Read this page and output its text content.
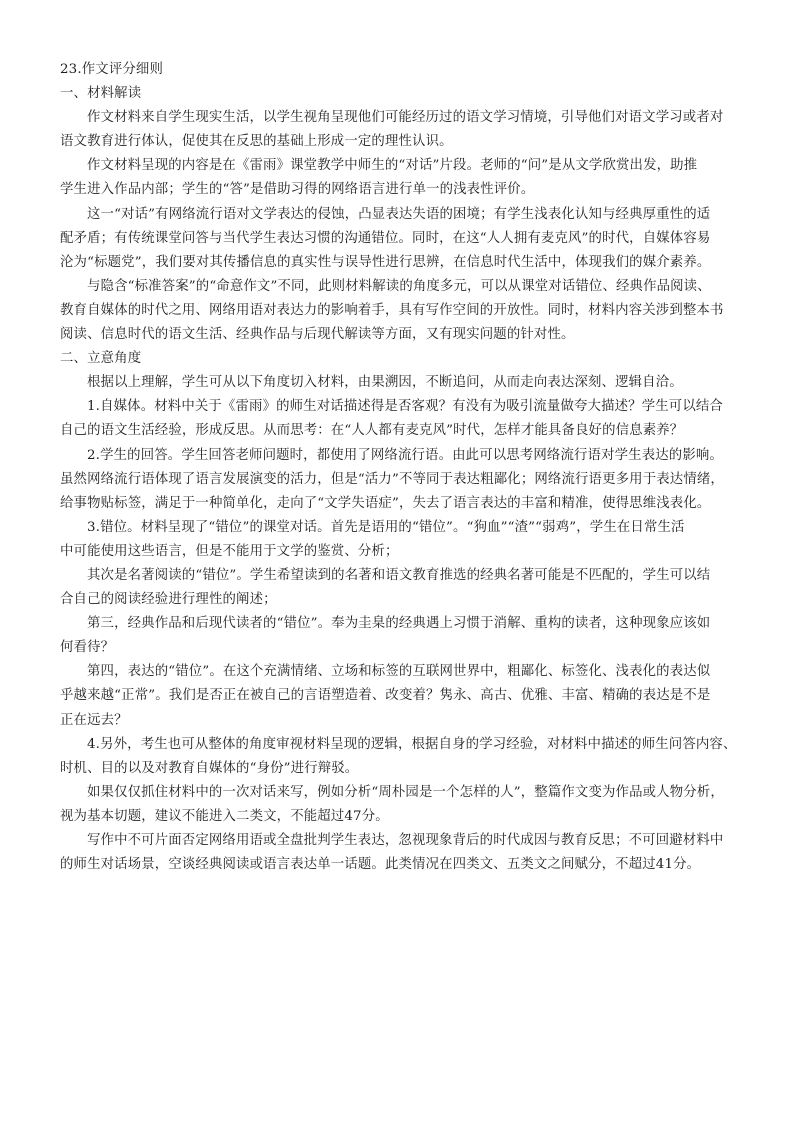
23.作文评分细则

一、材料解读

作文材料来自学生现实生活，以学生视角呈现他们可能经历过的语文学习情境，引导他们对语文学习或者对

语文教育进行体认，促使其在反思的基础上形成一定的理性认识。

作文材料呈现的内容是在《雷雨》课堂教学中师生的“对话”片段。老师的“问”是从文学欣赏出发，助推

学生进入作品内部；学生的“答”是借助习得的网络语言进行单一的浅表性评价。

这一“对话”有网络流行语对文学表达的侵蚀，凸显表达失语的困境；有学生浅表化认知与经典厚重性的适

配矛盾；有传统课堂问答与当代学生表达习惯的沟通错位。同时，在这“人人拥有麦克风”的时代，自媒体容易

沦为“标题党”，我们要对其传播信息的真实性与误导性进行思辨，在信息时代生活中，体现我们的媒介素养。

与隐含“标准答案”的“命意作文”不同，此则材料解读的角度多元，可以从课堂对话错位、经典作品阅读、

教育自媒体的时代之用、网络用语对表达力的影响着手，具有写作空间的开放性。同时，材料内容关涉到整本书

阅读、信息时代的语文生活、经典作品与后现代解读等方面，又有现实问题的针对性。

二、立意角度

根据以上理解，学生可从以下角度切入材料，由果溯因，不断追问，从而走向表达深刻、逻辑自洽。

1.自媒体。材料中关于《雷雨》的师生对话描述得是否客观？有没有为吸引流量做夸大描述？学生可以结合

自己的语文生活经验，形成反思。从而思考：在“人人都有麦克风”时代，怎样才能具备良好的信息素养？

2.学生的回答。学生回答老师问题时，都使用了网络流行语。由此可以思考网络流行语对学生表达的影响。

虽然网络流行语体现了语言发展演变的活力，但是“活力”不等同于表达粗鄙化；网络流行语更多用于表达情绪，

给事物贴标签，满足于一种简单化，走向了“文学失语症”，失去了语言表达的丰富和精准，使得思维浅表化。

3.错位。材料呈现了“错位”的课堂对话。首先是语用的“错位”。“狗血”“渣”“弱鸡”，学生在日常生活

中可能使用这些语言，但是不能用于文学的鉴赏、分析；

其次是名著阅读的“错位”。学生希望读到的名著和语文教育推选的经典名著可能是不匹配的，学生可以结

合自己的阅读经验进行理性的阐述；

第三，经典作品和后现代读者的“错位”。奉为圭臬的经典遇上习惯于消解、重构的读者，这种现象应该如

何看待？

第四，表达的“错位”。在这个充满情绪、立场和标签的互联网世界中，粗鄙化、标签化、浅表化的表达似

乎越来越“正常”。我们是否正在被自己的言语塑造着、改变着？隽永、高古、优雅、丰富、精确的表达是不是

正在远去？

4.另外，考生也可从整体的角度审视材料呈现的逻辑，根据自身的学习经验，对材料中描述的师生问答内容、

时机、目的以及对教育自媒体的“身份”进行辩驳。

如果仅仅抓住材料中的一次对话来写，例如分析“周朴园是一个怎样的人”，整篇作文变为作品或人物分析，

视为基本切题，建议不能进入二类文，不能超过47分。

写作中不可片面否定网络用语或全盘批判学生表达，忽视现象背后的时代成因与教育反思；不可回避材料中

的师生对话场景，空谈经典阅读或语言表达单一话题。此类情况在四类文、五类文之间赋分，不超过41分。
